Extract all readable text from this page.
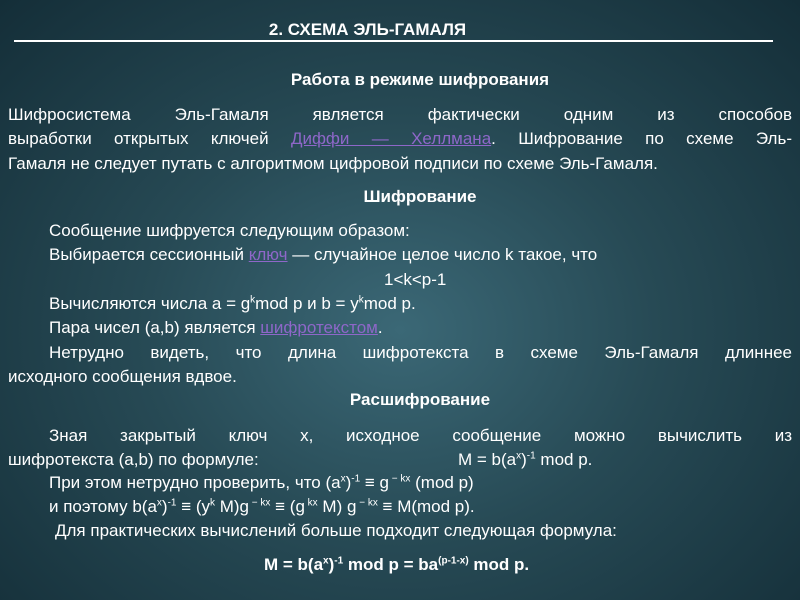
2. СХЕМА ЭЛЬ-ГАМАЛЯ
Работа в режиме шифрования
Шифросистема Эль-Гамаля является фактически одним из способов
выработки открытых ключей Диффи — Хеллмана. Шифрование по схеме Эль-
Гамаля не следует путать с алгоритмом цифровой подписи по схеме Эль-Гамаля.
Шифрование
Сообщение шифруется следующим образом:
Выбирается сессионный ключ — случайное целое число k такое, что
1<k<p-1
Вычисляются числа $a = g^kmod$ p и $b = y^kmod$ p.
Пара чисел (a,b) является шифротекстом.
Нетрудно видеть, что длина шифротекста в схеме Эль-Гамаля длиннее
исходного сообщения вдвое.
Расшифрование
Зная закрытый ключ x, исходное сообщение можно вычислить из
шифротекста (a,b) по формуле:	$M = b(a^x)^{-1}$ mod p.
При этом нетрудно проверить, что $(a^x)^{-1} \equiv g$ $^{- kx}$ (mod p)
и поэтому $b(a^x)^{-1} \equiv (y^k$ M)g $^{- kx}$ ≡ (g $^{kx}$ M) g $^{- kx}$ ≡ M(mod p).
Для практических вычислений больше подходит следующая формула:
$M = b(a^x)^{-1}$ mod $p = ba^{(p-1-x)}$ mod p.
